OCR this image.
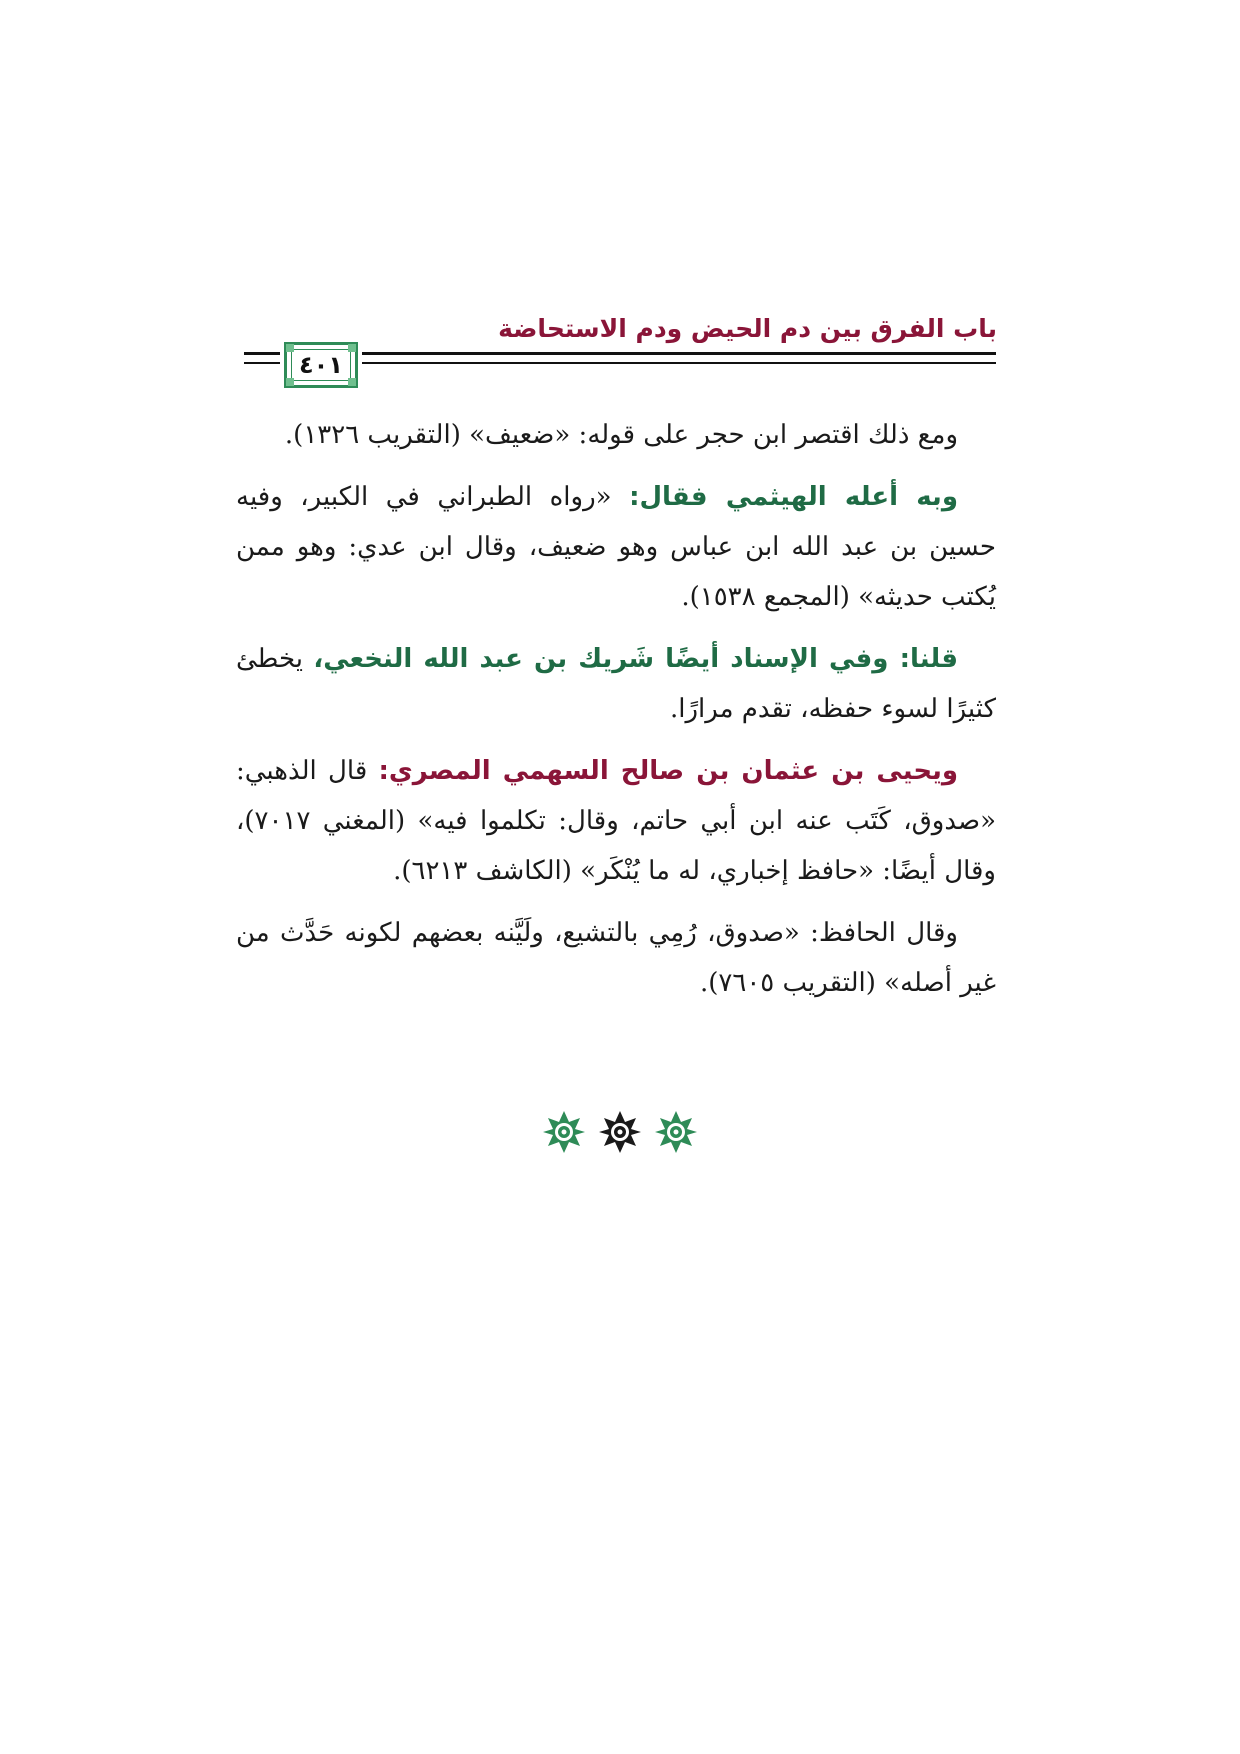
باب الفرق بين دم الحيض ودم الاستحاضة
٤٠١

ومع ذلك اقتصر ابن حجر على قوله: «ضعيف» (التقريب ١٣٢٦).

وبه أعله الهيثمي فقال: «رواه الطبراني في الكبير، وفيه حسين بن عبد الله ابن عباس وهو ضعيف، وقال ابن عدي: وهو ممن يُكتب حديثه» (المجمع ١٥٣٨).

قلنا: وفي الإسناد أيضًا شَريك بن عبد الله النخعي، يخطئ كثيرًا لسوء حفظه، تقدم مرارًا.

ويحيى بن عثمان بن صالح السهمي المصري: قال الذهبي: «صدوق، كَتَب عنه ابن أبي حاتم، وقال: تكلموا فيه» (المغني ٧٠١٧)، وقال أيضًا: «حافظ إخباري، له ما يُنْكَر» (الكاشف ٦٢١٣).

وقال الحافظ: «صدوق، رُمِي بالتشيع، ولَيَّنه بعضهم لكونه حَدَّث من غير أصله» (التقريب ٧٦٠٥).
